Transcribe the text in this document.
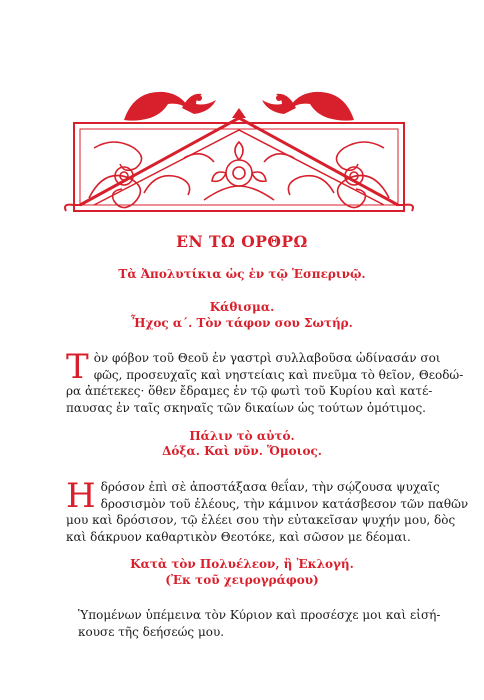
ΕΝ ΤΩ ΟΡΘΡΩ
Τὰ Ἀπολυτίκια ὡς ἐν τῷ Ἑσπερινῷ.
Κάθισμα.
Ἦχος α΄. Τὸν τάφον σου Σωτήρ.
Τ ὸν φόβον τοῦ Θεοῦ ἐν γαστρὶ συλλαβοῦσα ὠδίνασάν σοι
φῶς, προσευχαῖς καὶ νηστείαις καὶ πνεῦμα τὸ θεῖον, Θεοδώ-
ρα ἀπέτεκες· ὅθεν ἔδραμες ἐν τῷ φωτὶ τοῦ Κυρίου καὶ κατέ-
παυσας ἐν ταῖς σκηναῖς τῶν δικαίων ὡς τούτων ὁμότιμος.
Πάλιν τὸ αὐτό.
Δόξα. Καὶ νῦν. Ὅμοιος.
Η δρόσον ἐπὶ σὲ ἀποστάξασα θεΐαν, τὴν σῴζουσα ψυχαῖς
δροσισμὸν τοῦ ἐλέους, τὴν κάμινον κατάσβεσον τῶν παθῶν
μου καὶ δρόσισον, τῷ ἐλέει σου τὴν εὐτακεῖσαν ψυχήν μου, δὸς
καὶ δάκρυον καθαρτικὸν Θεοτόκε, καὶ σῶσον με δέομαι.
Κατὰ τὸν Πολυέλεον, ἢ Ἐκλογή.
(Ἐκ τοῦ χειρογράφου)
Ὑπομένων ὑπέμεινα τὸν Κύριον καὶ προσέσχε μοι καὶ εἰσή-
κουσε τῆς δεήσεώς μου.
